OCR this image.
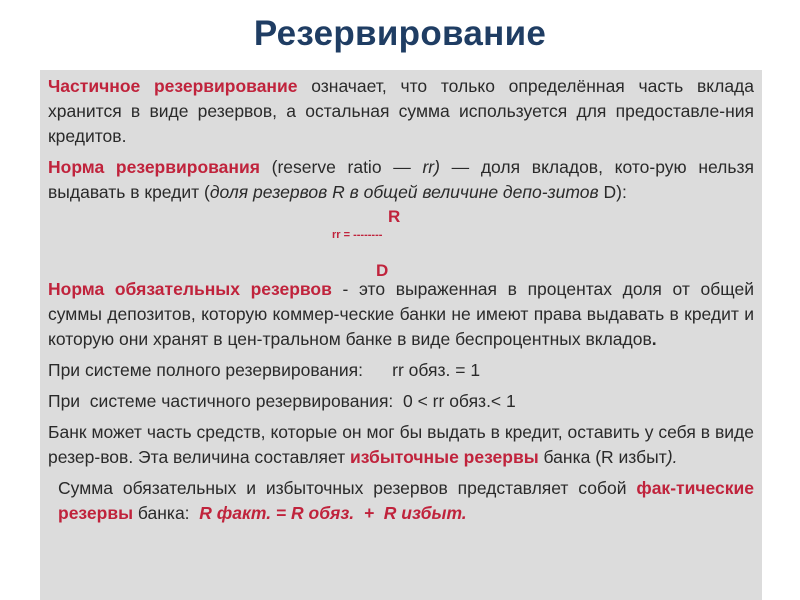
Резервирование

Частичное резервирование означает, что только определённая часть вклада хранится в виде резервов, а остальная сумма используется для предоставле-ния кредитов.

Норма резервирования (reserve ratio — rr) — доля вкладов, кото-рую нельзя выдавать в кредит (доля резервов R в общей величине депо-зитов D):

R
rr = --------
D

Норма обязательных резервов - это выраженная в процентах доля от общей суммы депозитов, которую коммер-ческие банки не имеют права выдавать в кредит и которую они хранят в цен-тральном банке в виде беспроцентных вкладов.

При системе полного резервирования:      rr обяз. = 1

При  системе частичного резервирования:  0 < rr обяз.< 1

Банк может часть средств, которые он мог бы выдать в кредит, оставить у себя в виде резер-вов. Эта величина составляет избыточные резервы банка (R избыт).

Сумма обязательных и избыточных резервов представляет собой фак-тические резервы банка:  R факт. = R обяз.  +  R избыт.
